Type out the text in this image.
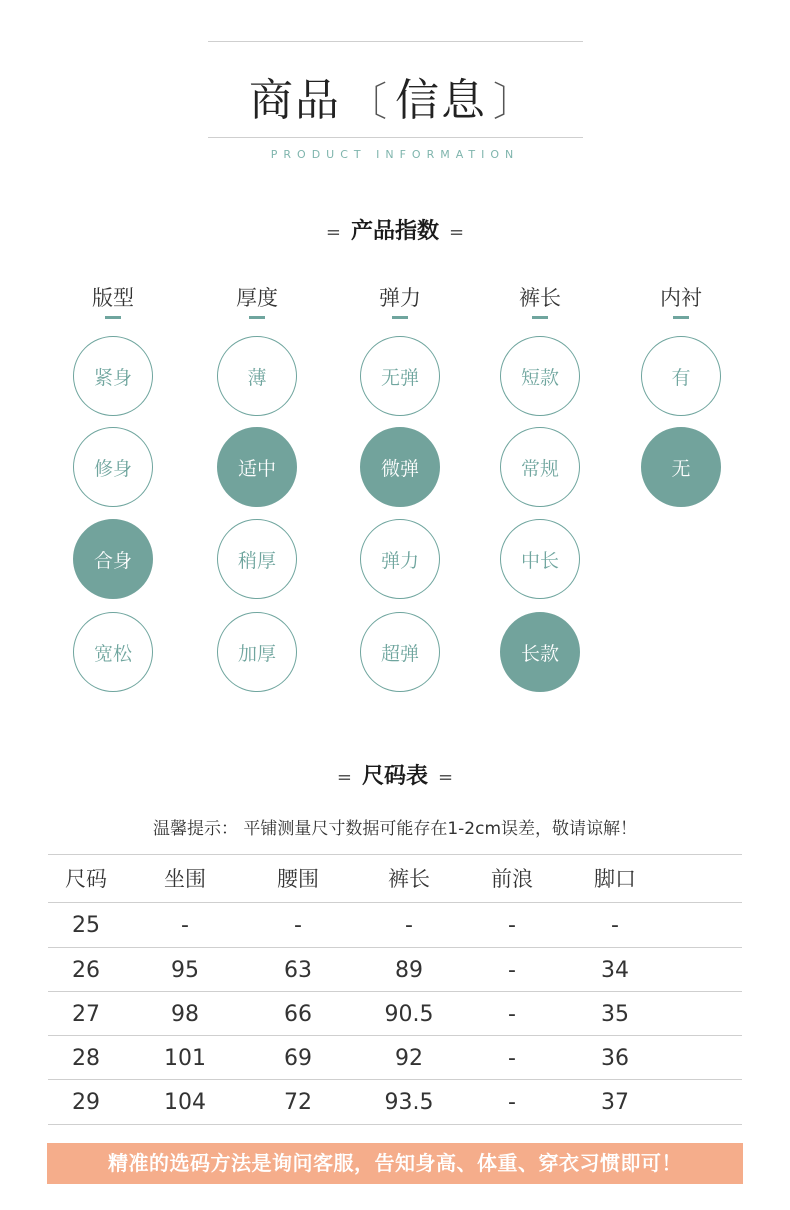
商品 〔 信息 〕
PRODUCT INFORMATION
= 产品指数 =
版型
紧身
修身
合身
宽松
厚度
薄
适中
稍厚
加厚
弹力
无弹
微弹
弹力
超弹
裤长
短款
常规
中长
长款
内衬
有
无
= 尺码表 =
温馨提示： 平铺测量尺寸数据可能存在1-2cm误差，敬请谅解！
尺码	坐围	腰围	裤长	前浪	脚口
25	-	-	-	-	-
26	95	63	89	-	34
27	98	66	90.5	-	35
28	101	69	92	-	36
29	104	72	93.5	-	37
精准的选码方法是询问客服，告知身高、体重、穿衣习惯即可！
